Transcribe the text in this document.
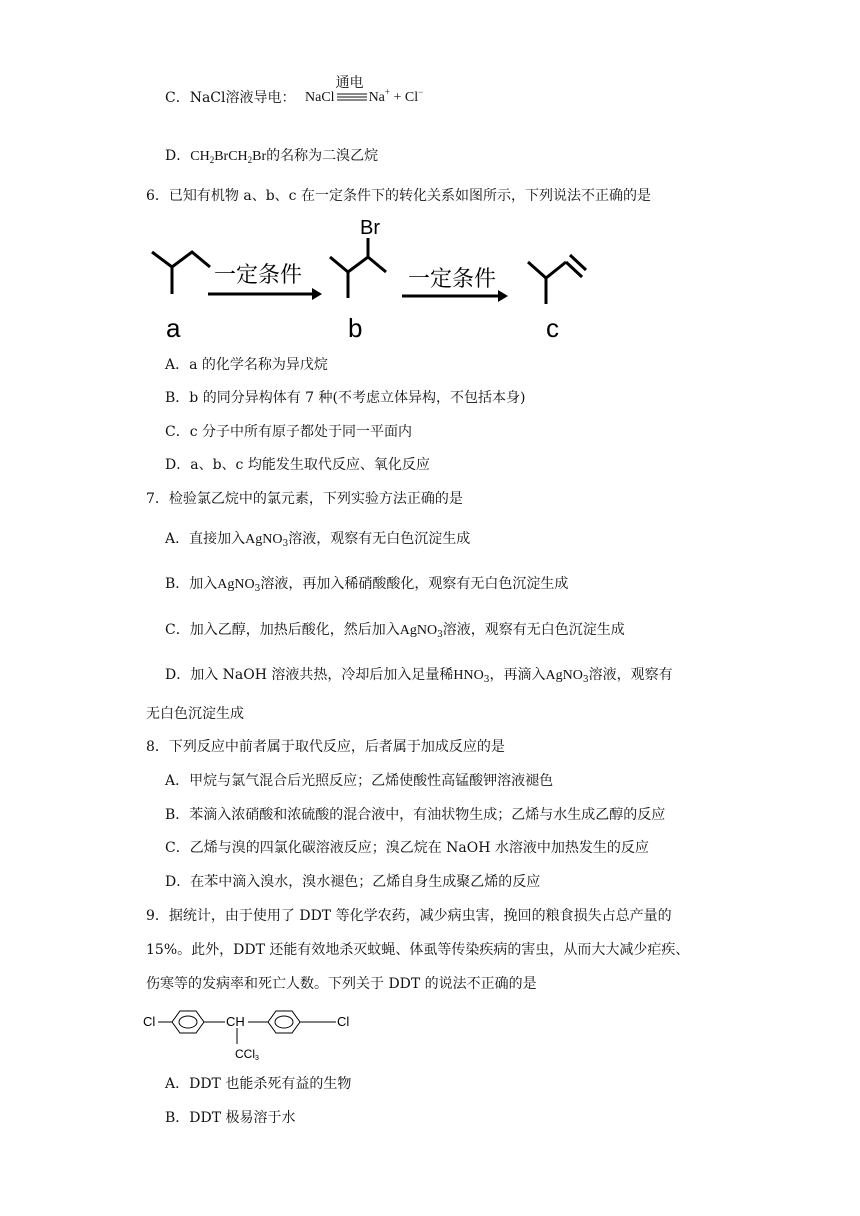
C．NaCl溶液导电： NaCl
通电
Na+ + Cl−
D．$CH_2BrCH_2Br$的名称为二溴乙烷
6．已知有机物 a、b、c 在一定条件下的转化关系如图所示，下列说法不正确的是
a
一定条件
Br
b
一定条件
c
A．a 的化学名称为异戊烷
B．b 的同分异构体有 7 种(不考虑立体异构，不包括本身)
C．c 分子中所有原子都处于同一平面内
D．a、b、c 均能发生取代反应、氧化反应
7．检验氯乙烷中的氯元素，下列实验方法正确的是
A．直接加入AgNO$_3$溶液，观察有无白色沉淀生成
B．加入AgNO$_3$溶液，再加入稀硝酸酸化，观察有无白色沉淀生成
C．加入乙醇，加热后酸化，然后加入AgNO$_3$溶液，观察有无白色沉淀生成
D．加入 NaOH 溶液共热，冷却后加入足量稀$HNO_3$，再滴入AgNO$_3$溶液，观察有
无白色沉淀生成
8．下列反应中前者属于取代反应，后者属于加成反应的是
A．甲烷与氯气混合后光照反应；乙烯使酸性高锰酸钾溶液褪色
B．苯滴入浓硝酸和浓硫酸的混合液中，有油状物生成；乙烯与水生成乙醇的反应
C．乙烯与溴的四氯化碳溶液反应；溴乙烷在 NaOH 水溶液中加热发生的反应
D．在苯中滴入溴水，溴水褪色；乙烯自身生成聚乙烯的反应
9．据统计，由于使用了 DDT 等化学农药，减少病虫害，挽回的粮食损失占总产量的
15%。此外，DDT 还能有效地杀灭蚊蝇、体虱等传染疾病的害虫，从而大大减少疟疾、
伤寒等的发病率和死亡人数。下列关于 DDT 的说法不正确的是
Cl	CH	Cl
CCl3
A．DDT 也能杀死有益的生物
B．DDT 极易溶于水
